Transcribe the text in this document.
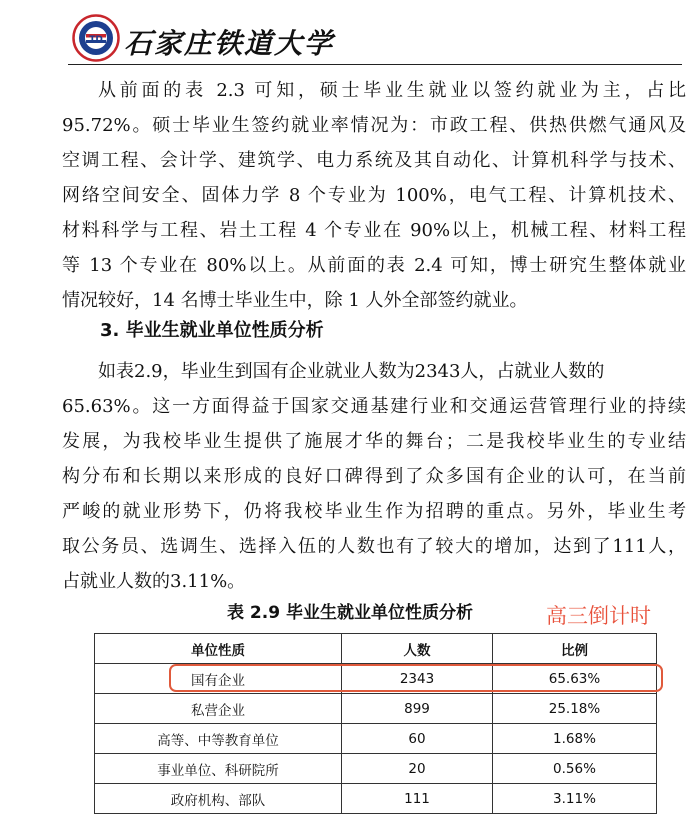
TD 石家庄铁道大学
从前面的表 2.3 可知，硕士毕业生就业以签约就业为主，占比
95.72%。硕士毕业生签约就业率情况为：市政工程、供热供燃气通风及
空调工程、会计学、建筑学、电力系统及其自动化、计算机科学与技术、
网络空间安全、固体力学 8 个专业为 100%，电气工程、计算机技术、
材料科学与工程、岩土工程 4 个专业在 90%以上，机械工程、材料工程
等 13 个专业在 80%以上。从前面的表 2.4 可知，博士研究生整体就业
情况较好，14 名博士毕业生中，除 1 人外全部签约就业。
3. 毕业生就业单位性质分析
如表2.9，毕业生到国有企业就业人数为2343人，占就业人数的
65.63%。这一方面得益于国家交通基建行业和交通运营管理行业的持续
发展，为我校毕业生提供了施展才华的舞台；二是我校毕业生的专业结
构分布和长期以来形成的良好口碑得到了众多国有企业的认可，在当前
严峻的就业形势下，仍将我校毕业生作为招聘的重点。另外，毕业生考
取公务员、选调生、选择入伍的人数也有了较大的增加，达到了111人，
占就业人数的3.11%。
表 2.9 毕业生就业单位性质分析	高三倒计时
单位性质	人数	比例
国有企业	2343	65.63%
私营企业	899	25.18%
高等、中等教育单位	60	1.68%
事业单位、科研院所	20	0.56%
政府机构、部队	111	3.11%
